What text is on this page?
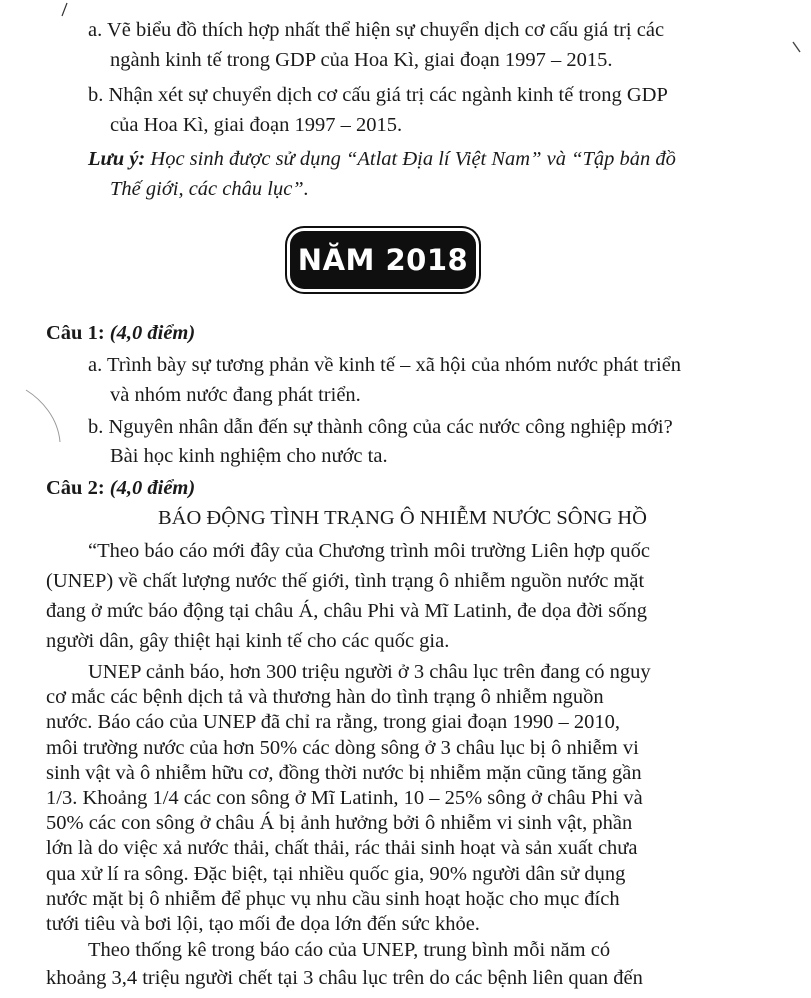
a. Vẽ biểu đồ thích hợp nhất thể hiện sự chuyển dịch cơ cấu giá trị các
ngành kinh tế trong GDP của Hoa Kì, giai đoạn 1997 – 2015.
b. Nhận xét sự chuyển dịch cơ cấu giá trị các ngành kinh tế trong GDP
của Hoa Kì, giai đoạn 1997 – 2015.
Lưu ý: Học sinh được sử dụng “Atlat Địa lí Việt Nam” và “Tập bản đồ
Thế giới, các châu lục”.
NĂM 2018
Câu 1: (4,0 điểm)
a. Trình bày sự tương phản về kinh tế – xã hội của nhóm nước phát triển
và nhóm nước đang phát triển.
b. Nguyên nhân dẫn đến sự thành công của các nước công nghiệp mới?
Bài học kinh nghiệm cho nước ta.
Câu 2: (4,0 điểm)
BÁO ĐỘNG TÌNH TRẠNG Ô NHIỄM NƯỚC SÔNG HỒ
“Theo báo cáo mới đây của Chương trình môi trường Liên hợp quốc
(UNEP) về chất lượng nước thế giới, tình trạng ô nhiễm nguồn nước mặt
đang ở mức báo động tại châu Á, châu Phi và Mĩ Latinh, đe dọa đời sống
người dân, gây thiệt hại kinh tế cho các quốc gia.
UNEP cảnh báo, hơn 300 triệu người ở 3 châu lục trên đang có nguy
cơ mắc các bệnh dịch tả và thương hàn do tình trạng ô nhiễm nguồn
nước. Báo cáo của UNEP đã chỉ ra rằng, trong giai đoạn 1990 – 2010,
môi trường nước của hơn 50% các dòng sông ở 3 châu lục bị ô nhiễm vi
sinh vật và ô nhiễm hữu cơ, đồng thời nước bị nhiễm mặn cũng tăng gần
1/3. Khoảng 1/4 các con sông ở Mĩ Latinh, 10 – 25% sông ở châu Phi và
50% các con sông ở châu Á bị ảnh hưởng bởi ô nhiễm vi sinh vật, phần
lớn là do việc xả nước thải, chất thải, rác thải sinh hoạt và sản xuất chưa
qua xử lí ra sông. Đặc biệt, tại nhiều quốc gia, 90% người dân sử dụng
nước mặt bị ô nhiễm để phục vụ nhu cầu sinh hoạt hoặc cho mục đích
tưới tiêu và bơi lội, tạo mối đe dọa lớn đến sức khỏe.
Theo thống kê trong báo cáo của UNEP, trung bình mỗi năm có
khoảng 3,4 triệu người chết tại 3 châu lục trên do các bệnh liên quan đến
